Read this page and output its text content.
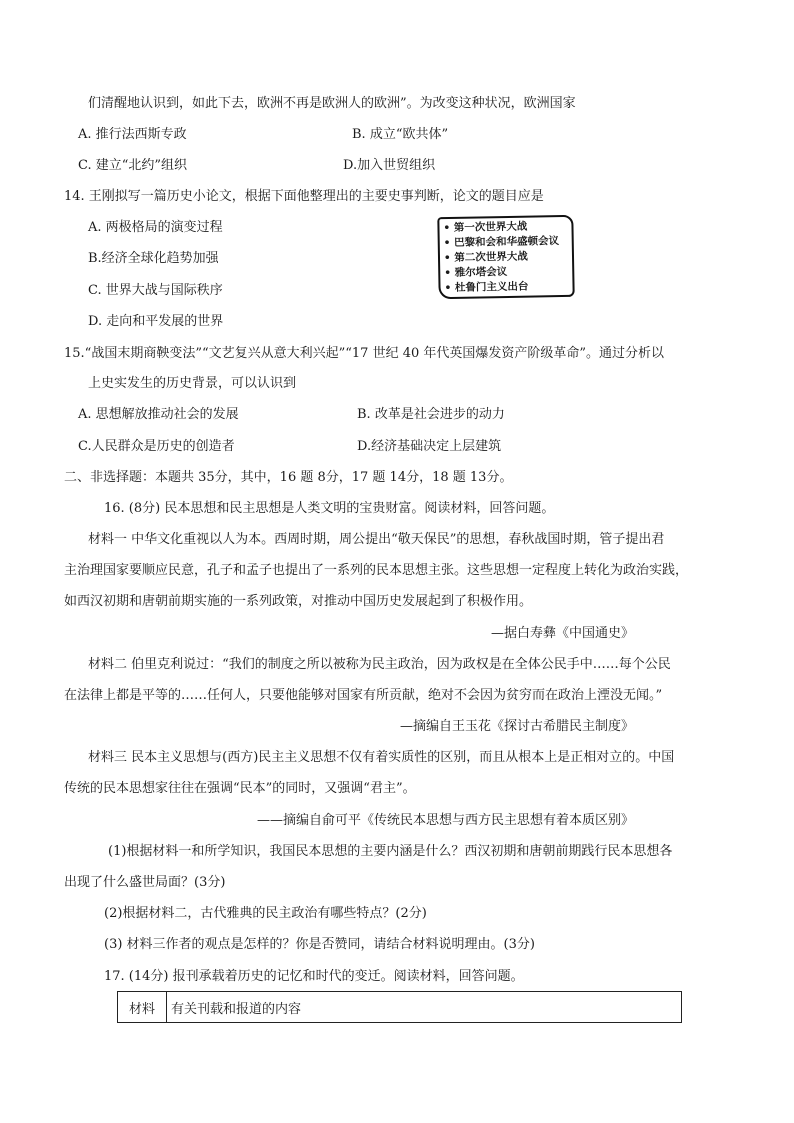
们清醒地认识到，如此下去，欧洲不再是欧洲人的欧洲”。为改变这种状况，欧洲国家
A. 推行法西斯专政	B. 成立“欧共体”
C. 建立“北约”组织	D.加入世贸组织
14. 王刚拟写一篇历史小论文，根据下面他整理出的主要史事判断，论文的题目应是
A. 两极格局的演变过程
B.经济全球化趋势加强
C. 世界大战与国际秩序
D. 走向和平发展的世界
• 第一次世界大战
• 巴黎和会和华盛顿会议
• 第二次世界大战
• 雅尔塔会议
• 杜鲁门主义出台
15.“战国末期商鞅变法”“文艺复兴从意大利兴起”“17 世纪 40 年代英国爆发资产阶级革命”。通过分析以
上史实发生的历史背景，可以认识到
A. 思想解放推动社会的发展	B. 改革是社会进步的动力
C.人民群众是历史的创造者	D.经济基础决定上层建筑
二、非选择题：本题共 35分，其中，16 题 8分，17 题 14分，18 题 13分。
16. (8分) 民本思想和民主思想是人类文明的宝贵财富。阅读材料，回答问题。
材料一 中华文化重视以人为本。西周时期，周公提出“敬天保民”的思想，春秋战国时期，管子提出君
主治理国家要顺应民意，孔子和孟子也提出了一系列的民本思想主张。这些思想一定程度上转化为政治实践，
如西汉初期和唐朝前期实施的一系列政策，对推动中国历史发展起到了积极作用。
—据白寿彝《中国通史》
材料二 伯里克利说过：“我们的制度之所以被称为民主政治，因为政权是在全体公民手中……每个公民
在法律上都是平等的……任何人，只要他能够对国家有所贡献，绝对不会因为贫穷而在政治上湮没无闻。”
—摘编自王玉花《探讨古希腊民主制度》
材料三 民本主义思想与(西方)民主主义思想不仅有着实质性的区别，而且从根本上是正相对立的。中国
传统的民本思想家往往在强调“民本”的同时，又强调“君主”。
——摘编自俞可平《传统民本思想与西方民主思想有着本质区别》
(1)根据材料一和所学知识，我国民本思想的主要内涵是什么？西汉初期和唐朝前期践行民本思想各
出现了什么盛世局面？(3分)
(2)根据材料二，古代雅典的民主政治有哪些特点？(2分)
(3) 材料三作者的观点是怎样的？你是否赞同，请结合材料说明理由。(3分)
17. (14分) 报刊承载着历史的记忆和时代的变迁。阅读材料，回答问题。
材料	有关刊载和报道的内容
